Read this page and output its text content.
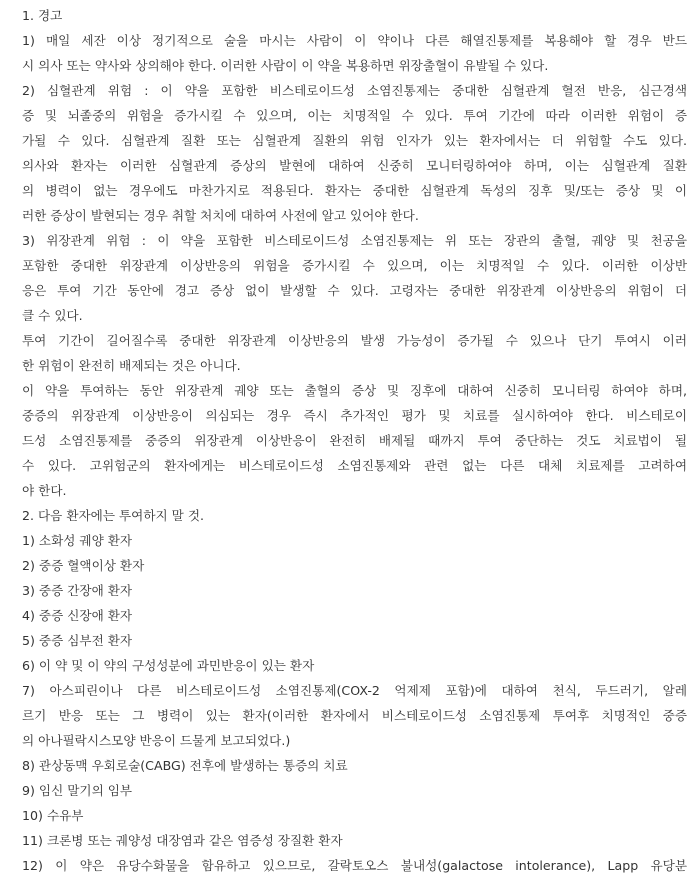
1. 경고
1) 매일 세잔 이상 정기적으로 술을 마시는 사람이 이 약이나 다른 해열진통제를 복용해야 할 경우 반드
시 의사 또는 약사와 상의해야 한다. 이러한 사람이 이 약을 복용하면 위장출혈이 유발될 수 있다.
2) 심혈관계 위험 : 이 약을 포함한 비스테로이드성 소염진통제는 중대한 심혈관계 혈전 반응, 심근경색
증 및 뇌졸중의 위험을 증가시킬 수 있으며, 이는 치명적일 수 있다. 투여 기간에 따라 이러한 위험이 증
가될 수 있다. 심혈관계 질환 또는 심혈관계 질환의 위험 인자가 있는 환자에서는 더 위험할 수도 있다.
의사와 환자는 이러한 심혈관계 증상의 발현에 대하여 신중히 모니터링하여야 하며, 이는 심혈관계 질환
의 병력이 없는 경우에도 마찬가지로 적용된다. 환자는 중대한 심혈관계 독성의 징후 및/또는 증상 및 이
러한 증상이 발현되는 경우 취할 처치에 대하여 사전에 알고 있어야 한다.
3) 위장관계 위험 : 이 약을 포함한 비스테로이드성 소염진통제는 위 또는 장관의 출혈, 궤양 및 천공을
포함한 중대한 위장관계 이상반응의 위험을 증가시킬 수 있으며, 이는 치명적일 수 있다. 이러한 이상반
응은 투여 기간 동안에 경고 증상 없이 발생할 수 있다. 고령자는 중대한 위장관계 이상반응의 위험이 더
클 수 있다.
투여 기간이 길어질수록 중대한 위장관계 이상반응의 발생 가능성이 증가될 수 있으나 단기 투여시 이러
한 위험이 완전히 배제되는 것은 아니다.
이 약을 투여하는 동안 위장관계 궤양 또는 출혈의 증상 및 징후에 대하여 신중히 모니터링 하여야 하며,
중증의 위장관계 이상반응이 의심되는 경우 즉시 추가적인 평가 및 치료를 실시하여야 한다. 비스테로이
드성 소염진통제를 중증의 위장관계 이상반응이 완전히 배제될 때까지 투여 중단하는 것도 치료법이 될
수 있다. 고위험군의 환자에게는 비스테로이드성 소염진통제와 관련 없는 다른 대체 치료제를 고려하여
야 한다.
2. 다음 환자에는 투여하지 말 것.
1) 소화성 궤양 환자
2) 중증 혈액이상 환자
3) 중증 간장애 환자
4) 중증 신장애 환자
5) 중증 심부전 환자
6) 이 약 및 이 약의 구성성분에 과민반응이 있는 환자
7) 아스피린이나 다른 비스테로이드성 소염진통제(COX-2 억제제 포함)에 대하여 천식, 두드러기, 알레
르기 반응 또는 그 병력이 있는 환자(이러한 환자에서 비스테로이드성 소염진통제 투여후 치명적인 중증
의 아나필락시스모양 반응이 드물게 보고되었다.)
8) 관상동맥 우회로술(CABG) 전후에 발생하는 통증의 치료
9) 임신 말기의 임부
10) 수유부
11) 크론병 또는 궤양성 대장염과 같은 염증성 장질환 환자
12) 이 약은 유당수화물을 함유하고 있으므로, 갈락토오스 불내성(galactose intolerance), Lapp 유당분
